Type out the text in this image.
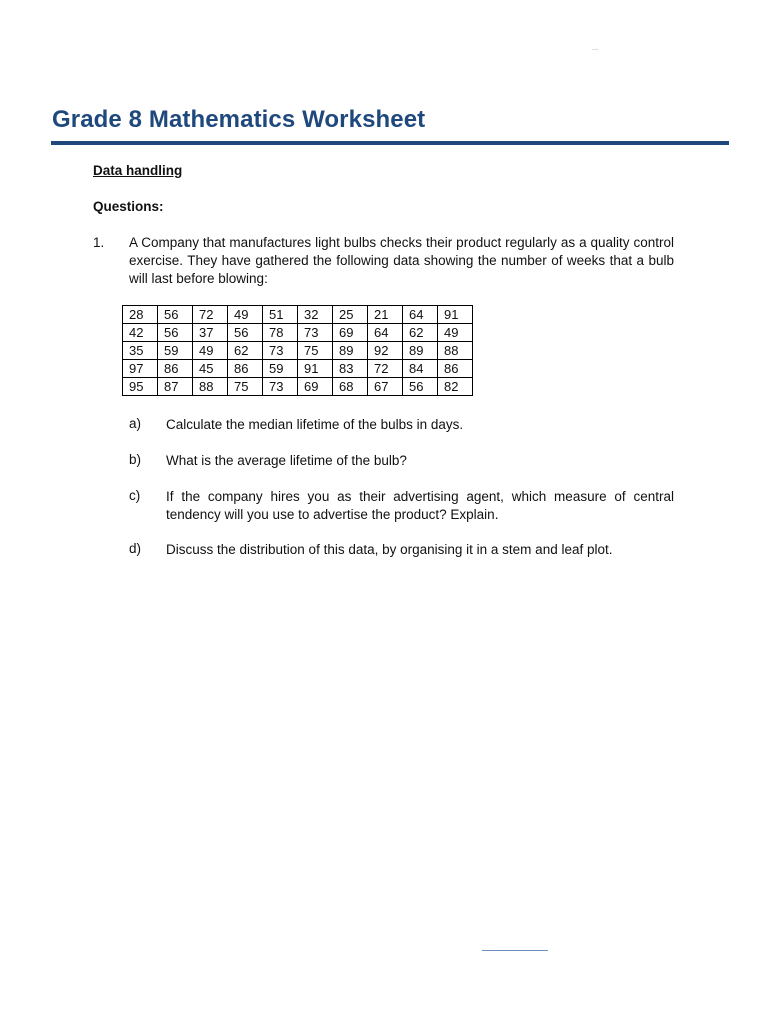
Grade 8 Mathematics Worksheet
Data handling
Questions:
1. A Company that manufactures light bulbs checks their product regularly as a quality control exercise. They have gathered the following data showing the number of weeks that a bulb will last before blowing:
28	56	72	49	51	32	25	21	64	91
42	56	37	56	78	73	69	64	62	49
35	59	49	62	73	75	89	92	89	88
97	86	45	86	59	91	83	72	84	86
95	87	88	75	73	69	68	67	56	82
a) Calculate the median lifetime of the bulbs in days.
b) What is the average lifetime of the bulb?
c) If the company hires you as their advertising agent, which measure of central tendency will you use to advertise the product? Explain.
d) Discuss the distribution of this data, by organising it in a stem and leaf plot.
